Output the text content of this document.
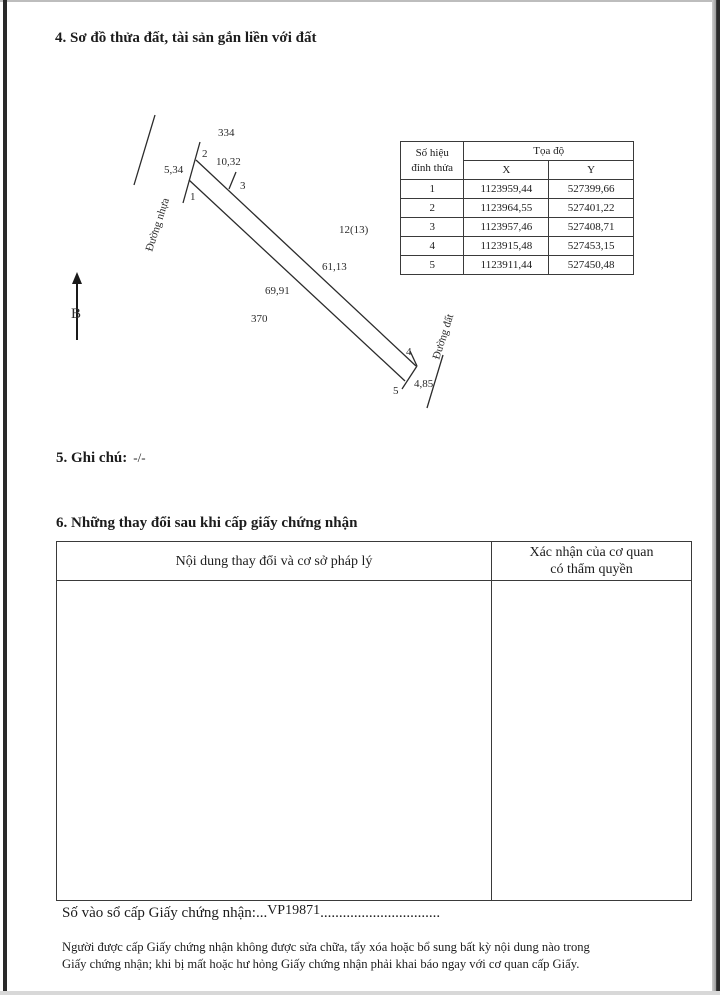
4. Sơ đồ thửa đất, tài sản gắn liền với đất
B
Đường nhựa
Đường đất
334
12(13)
370
1
2
3
4
5
5,34
10,32
61,13
69,91
4,85
Số hiệu
đỉnh thửa	Tọa độ	
	X	Y
1	1123959,44	527399,66
2	1123964,55	527401,22
3	1123957,46	527408,71
4	1123915,48	527453,15
5	1123911,44	527450,48
5. Ghi chú: -/-
6. Những thay đổi sau khi cấp giấy chứng nhận
Nội dung thay đổi và cơ sở pháp lý	Xác nhận của cơ quan
có thẩm quyền

Số vào sổ cấp Giấy chứng nhận:...VP19871................................
Người được cấp Giấy chứng nhận không được sửa chữa, tẩy xóa hoặc bổ sung bất kỳ nội dung nào trong
Giấy chứng nhận; khi bị mất hoặc hư hỏng Giấy chứng nhận phải khai báo ngay với cơ quan cấp Giấy.
